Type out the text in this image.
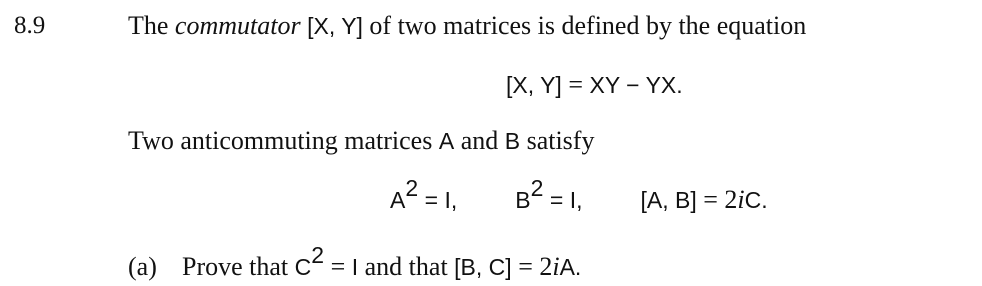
8.9	The commutator [X, Y] of two matrices is defined by the equation
[X, Y] = XY − YX.
Two anticommuting matrices A and B satisfy
$A^2 = I$,	$B^2 = I$,	[A, B] = 2iC.
(a) Prove that $C^2 = I$ and that [B, C] = 2iA.
